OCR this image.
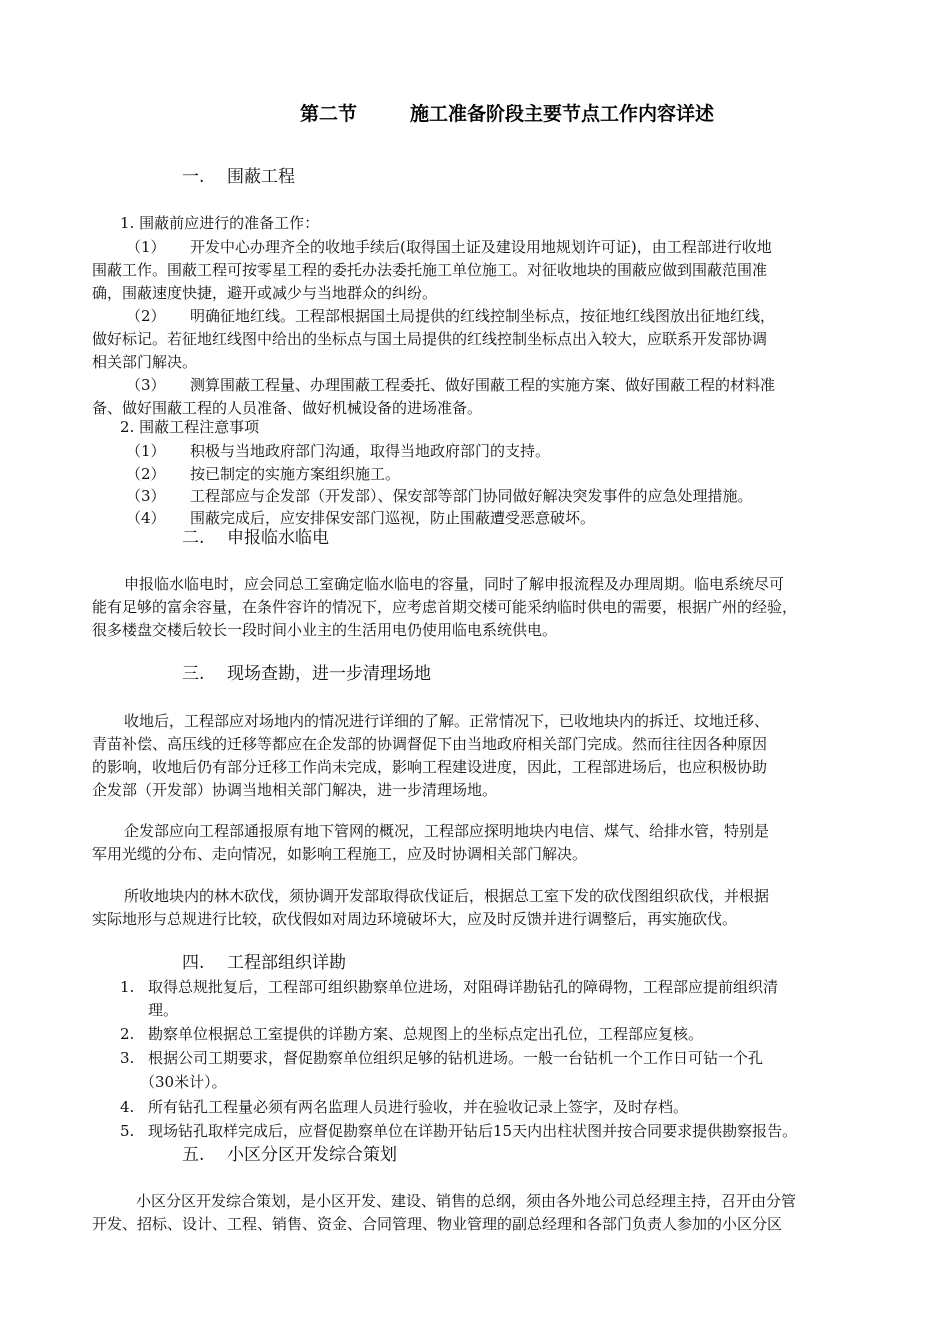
第二节	施工准备阶段主要节点工作内容详述
一. 围蔽工程
1. 围蔽前应进行的准备工作：
（1） 开发中心办理齐全的收地手续后(取得国土证及建设用地规划许可证)，由工程部进行收地
围蔽工作。围蔽工程可按零星工程的委托办法委托施工单位施工。对征收地块的围蔽应做到围蔽范围准
确，围蔽速度快捷，避开或减少与当地群众的纠纷。
（2） 明确征地红线。工程部根据国土局提供的红线控制坐标点，按征地红线图放出征地红线，
做好标记。若征地红线图中给出的坐标点与国土局提供的红线控制坐标点出入较大，应联系开发部协调
相关部门解决。
（3） 测算围蔽工程量、办理围蔽工程委托、做好围蔽工程的实施方案、做好围蔽工程的材料准
备、做好围蔽工程的人员准备、做好机械设备的进场准备。
2. 围蔽工程注意事项
（1） 积极与当地政府部门沟通，取得当地政府部门的支持。
（2） 按已制定的实施方案组织施工。
（3） 工程部应与企发部（开发部）、保安部等部门协同做好解决突发事件的应急处理措施。
（4） 围蔽完成后，应安排保安部门巡视，防止围蔽遭受恶意破坏。
二. 申报临水临电
申报临水临电时，应会同总工室确定临水临电的容量，同时了解申报流程及办理周期。临电系统尽可
能有足够的富余容量，在条件容许的情况下，应考虑首期交楼可能采纳临时供电的需要，根据广州的经验，
很多楼盘交楼后较长一段时间小业主的生活用电仍使用临电系统供电。
三. 现场查勘，进一步清理场地
收地后，工程部应对场地内的情况进行详细的了解。正常情况下，已收地块内的拆迁、坟地迁移、
青苗补偿、高压线的迁移等都应在企发部的协调督促下由当地政府相关部门完成。然而往往因各种原因
的影响，收地后仍有部分迁移工作尚未完成，影响工程建设进度，因此，工程部进场后，也应积极协助
企发部（开发部）协调当地相关部门解决，进一步清理场地。
企发部应向工程部通报原有地下管网的概况，工程部应探明地块内电信、煤气、给排水管，特别是
军用光缆的分布、走向情况，如影响工程施工，应及时协调相关部门解决。
所收地块内的林木砍伐，须协调开发部取得砍伐证后，根据总工室下发的砍伐图组织砍伐，并根据
实际地形与总规进行比较，砍伐假如对周边环境破坏大，应及时反馈并进行调整后，再实施砍伐。
四. 工程部组织详勘
1. 取得总规批复后，工程部可组织勘察单位进场，对阻碍详勘钻孔的障碍物，工程部应提前组织清
理。
2. 勘察单位根据总工室提供的详勘方案、总规图上的坐标点定出孔位，工程部应复核。
3. 根据公司工期要求，督促勘察单位组织足够的钻机进场。一般一台钻机一个工作日可钻一个孔
（30米计）。
4. 所有钻孔工程量必须有两名监理人员进行验收，并在验收记录上签字，及时存档。
5. 现场钻孔取样完成后，应督促勘察单位在详勘开钻后15天内出柱状图并按合同要求提供勘察报告。
五. 小区分区开发综合策划
小区分区开发综合策划，是小区开发、建设、销售的总纲，须由各外地公司总经理主持，召开由分管
开发、招标、设计、工程、销售、资金、合同管理、物业管理的副总经理和各部门负责人参加的小区分区
